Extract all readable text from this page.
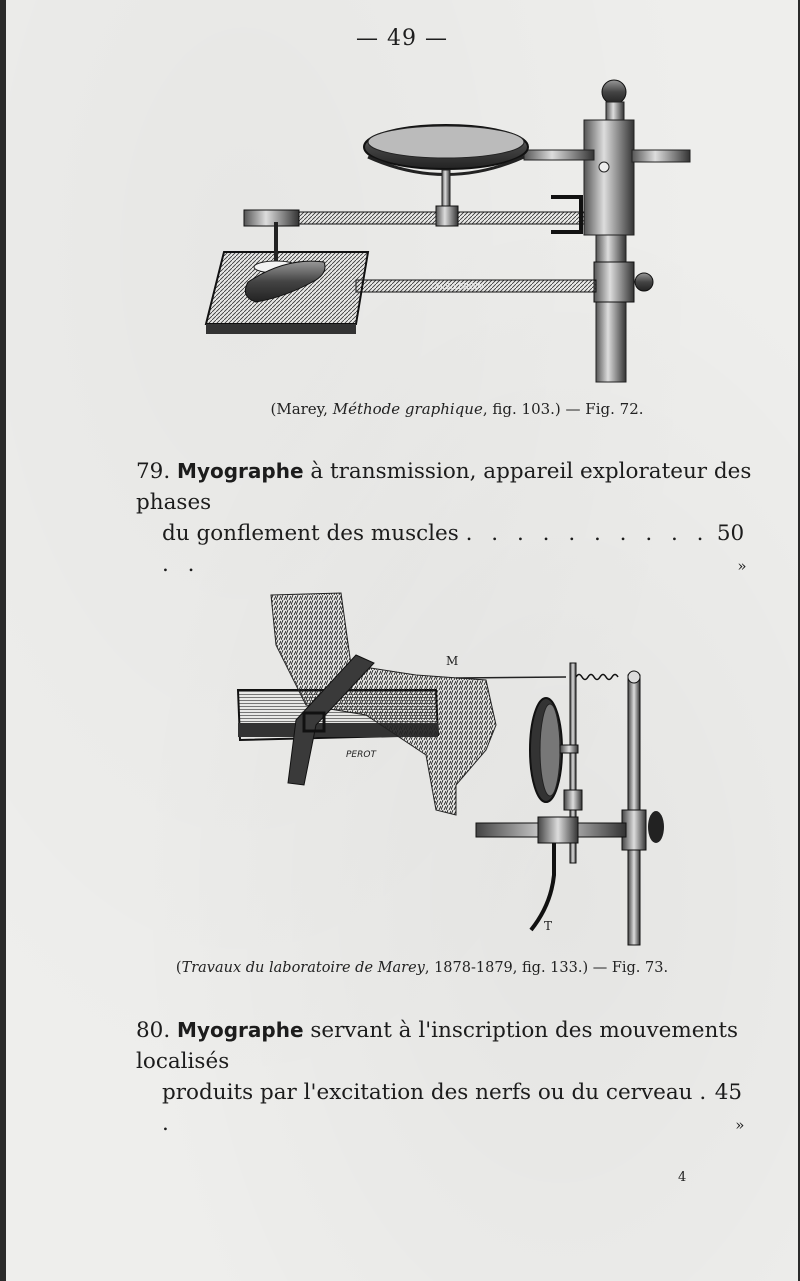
— 49 —
CH.S.VERDIN
(Marey, Méthode graphique, fig. 103.) — Fig. 72.
79. Myographe à transmission, appareil explorateur des phases
du gonflement des muscles . . . . . . . . . . . .
50    »
PEROT
M
T
(Travaux du laboratoire de Marey, 1878-1879, fig. 133.) — Fig. 73.
80. Myographe servant à l'inscription des mouvements localisés
produits par l'excitation des nerfs ou du cerveau . .
45    »
4
